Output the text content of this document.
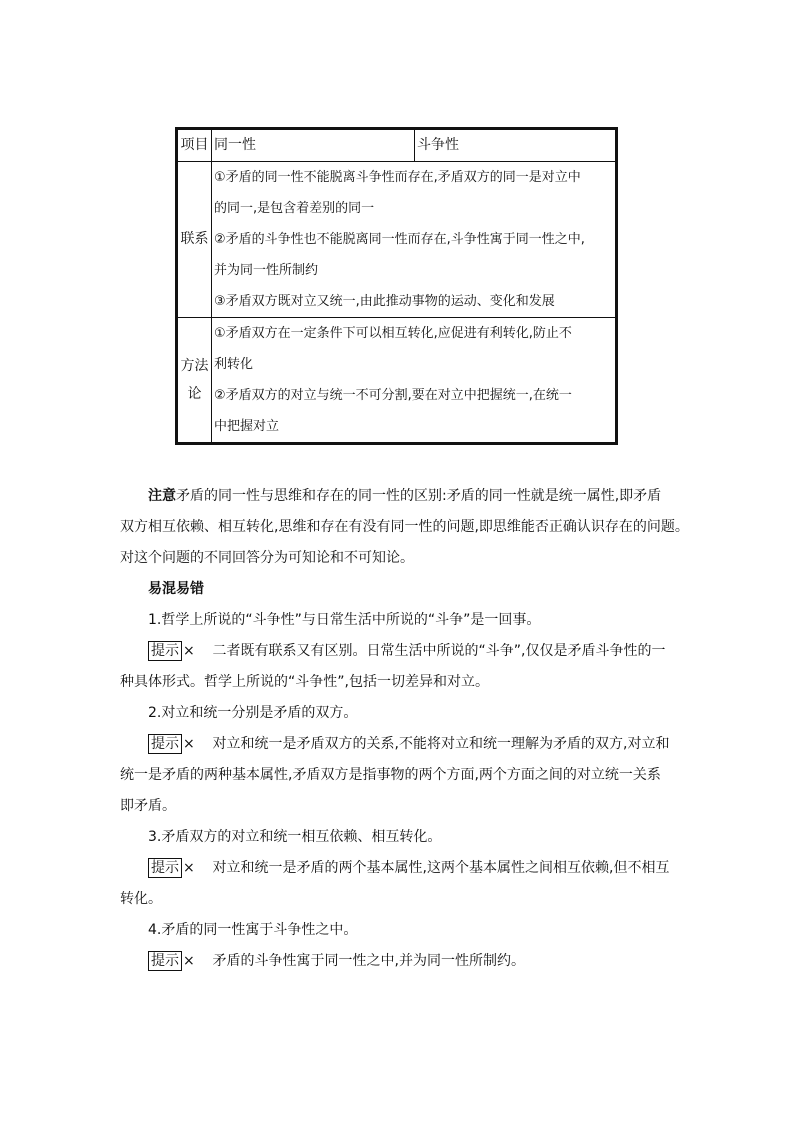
项目	同一性	斗争性
联系	①矛盾的同一性不能脱离斗争性而存在,矛盾双方的同一是对立中
的同一,是包含着差别的同一
②矛盾的斗争性也不能脱离同一性而存在,斗争性寓于同一性之中,
并为同一性所制约
③矛盾双方既对立又统一,由此推动事物的运动、变化和发展	

方法
论	①矛盾双方在一定条件下可以相互转化,应促进有利转化,防止不
利转化
②矛盾双方的对立与统一不可分割,要在对立中把握统一,在统一
中把握对立	
注意矛盾的同一性与思维和存在的同一性的区别:矛盾的同一性就是统一属性,即矛盾
双方相互依赖、相互转化,思维和存在有没有同一性的问题,即思维能否正确认识存在的问题。
对这个问题的不同回答分为可知论和不可知论。
易混易错
1.哲学上所说的“斗争性”与日常生活中所说的“斗争”是一回事。
提示 × 二者既有联系又有区别。日常生活中所说的“斗争”,仅仅是矛盾斗争性的一
种具体形式。哲学上所说的“斗争性”,包括一切差异和对立。
2.对立和统一分别是矛盾的双方。
提示 × 对立和统一是矛盾双方的关系,不能将对立和统一理解为矛盾的双方,对立和
统一是矛盾的两种基本属性,矛盾双方是指事物的两个方面,两个方面之间的对立统一关系
即矛盾。
3.矛盾双方的对立和统一相互依赖、相互转化。
提示 × 对立和统一是矛盾的两个基本属性,这两个基本属性之间相互依赖,但不相互
转化。
4.矛盾的同一性寓于斗争性之中。
提示 × 矛盾的斗争性寓于同一性之中,并为同一性所制约。
